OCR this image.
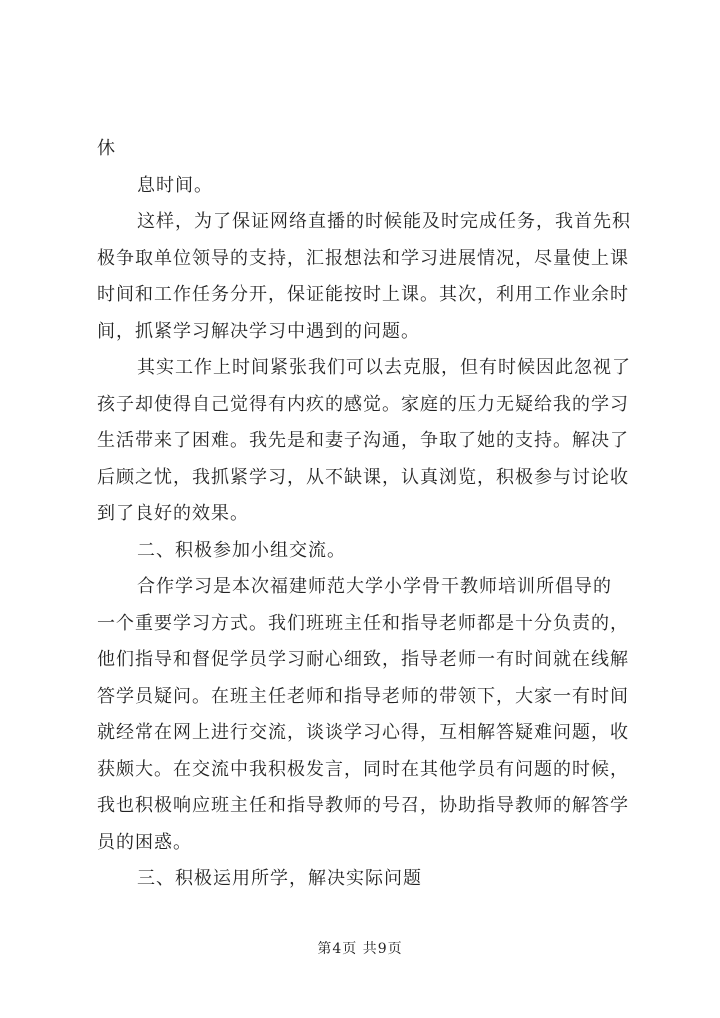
休
息时间。
这样，为了保证网络直播的时候能及时完成任务，我首先积
极争取单位领导的支持，汇报想法和学习进展情况，尽量使上课
时间和工作任务分开，保证能按时上课。其次，利用工作业余时
间，抓紧学习解决学习中遇到的问题。
其实工作上时间紧张我们可以去克服，但有时候因此忽视了
孩子却使得自己觉得有内疚的感觉。家庭的压力无疑给我的学习
生活带来了困难。我先是和妻子沟通，争取了她的支持。解决了
后顾之忧，我抓紧学习，从不缺课，认真浏览，积极参与讨论收
到了良好的效果。
二、积极参加小组交流。
合作学习是本次福建师范大学小学骨干教师培训所倡导的
一个重要学习方式。我们班班主任和指导老师都是十分负责的，
他们指导和督促学员学习耐心细致，指导老师一有时间就在线解
答学员疑问。在班主任老师和指导老师的带领下，大家一有时间
就经常在网上进行交流，谈谈学习心得，互相解答疑难问题，收
获颇大。在交流中我积极发言，同时在其他学员有问题的时候，
我也积极响应班主任和指导教师的号召，协助指导教师的解答学
员的困惑。
三、积极运用所学，解决实际问题
第4页 共9页
